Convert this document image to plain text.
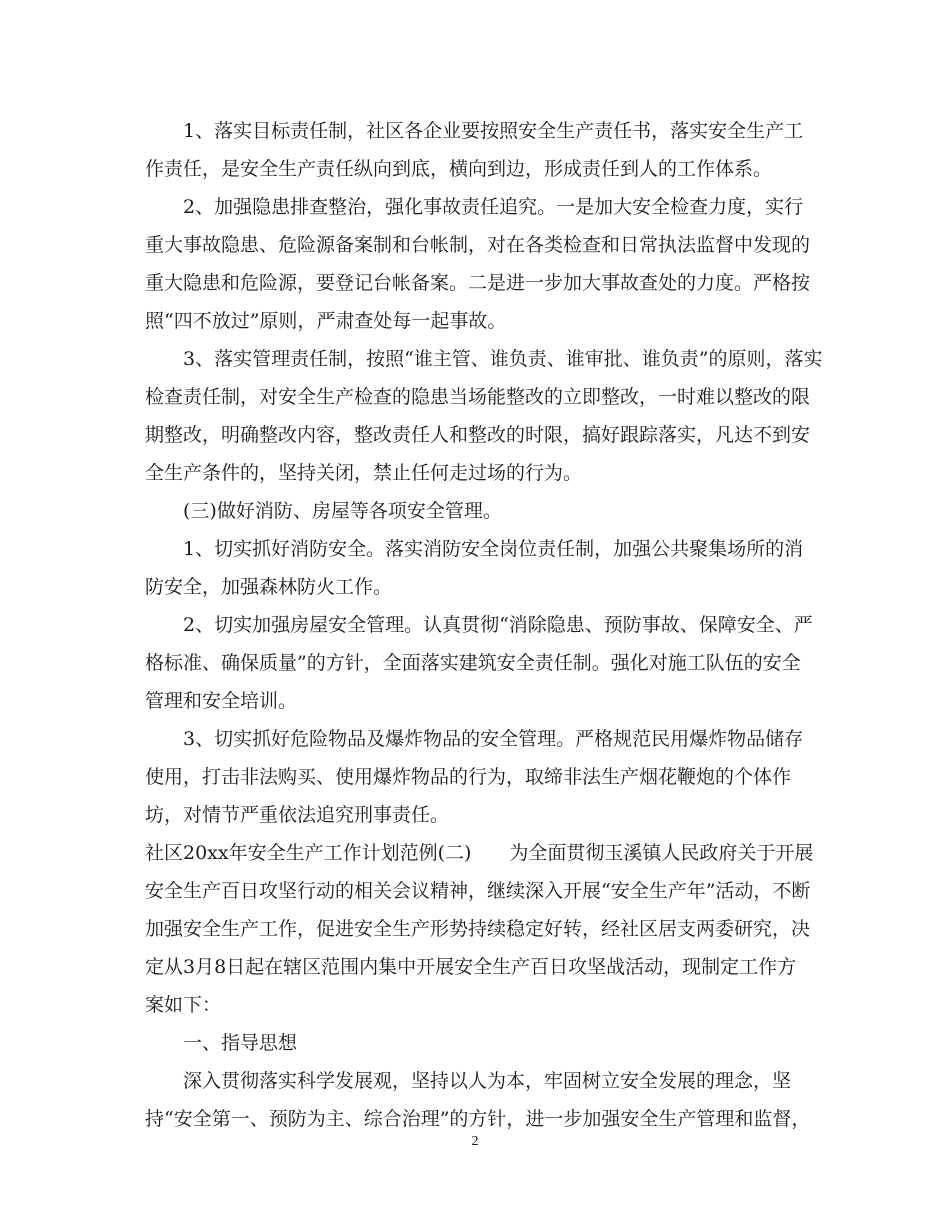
1、落实目标责任制，社区各企业要按照安全生产责任书，落实安全生产工
作责任，是安全生产责任纵向到底，横向到边，形成责任到人的工作体系。
2、加强隐患排查整治，强化事故责任追究。一是加大安全检查力度，实行
重大事故隐患、危险源备案制和台帐制，对在各类检查和日常执法监督中发现的
重大隐患和危险源，要登记台帐备案。二是进一步加大事故查处的力度。严格按
照“四不放过”原则，严肃查处每一起事故。
3、落实管理责任制，按照“谁主管、谁负责、谁审批、谁负责”的原则，落实
检查责任制，对安全生产检查的隐患当场能整改的立即整改，一时难以整改的限
期整改，明确整改内容，整改责任人和整改的时限，搞好跟踪落实，凡达不到安
全生产条件的，坚持关闭，禁止任何走过场的行为。
(三)做好消防、房屋等各项安全管理。
1、切实抓好消防安全。落实消防安全岗位责任制，加强公共聚集场所的消
防安全，加强森林防火工作。
2、切实加强房屋安全管理。认真贯彻“消除隐患、预防事故、保障安全、严
格标准、确保质量”的方针，全面落实建筑安全责任制。强化对施工队伍的安全
管理和安全培训。
3、切实抓好危险物品及爆炸物品的安全管理。严格规范民用爆炸物品储存
使用，打击非法购买、使用爆炸物品的行为，取缔非法生产烟花鞭炮的个体作
坊，对情节严重依法追究刑事责任。
社区20xx年安全生产工作计划范例(二)　　为全面贯彻玉溪镇人民政府关于开展
安全生产百日攻坚行动的相关会议精神，继续深入开展“安全生产年”活动，不断
加强安全生产工作，促进安全生产形势持续稳定好转，经社区居支两委研究，决
定从3月8日起在辖区范围内集中开展安全生产百日攻坚战活动，现制定工作方
案如下：
一、指导思想
深入贯彻落实科学发展观，坚持以人为本，牢固树立安全发展的理念，坚
持“安全第一、预防为主、综合治理”的方针，进一步加强安全生产管理和监督，
2
